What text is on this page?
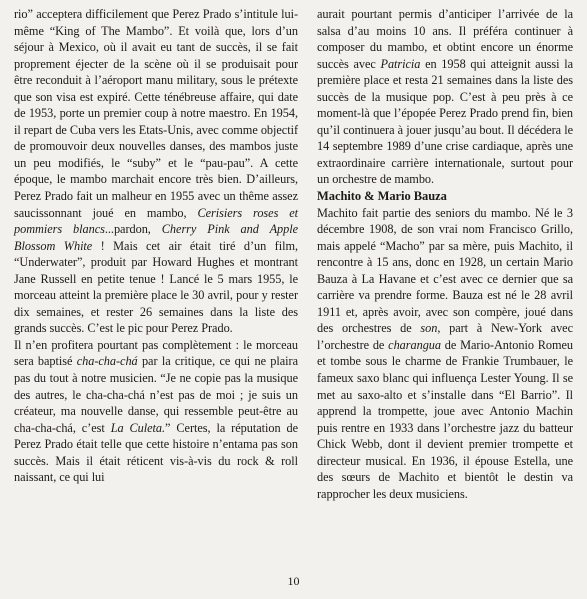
rio” acceptera difficilement que Perez Prado s’intitule lui-même “King of The Mambo”. Et voilà que, lors d’un séjour à Mexico, où il avait eu tant de succès, il se fait proprement éjecter de la scène où il se produisait pour être reconduit à l’aéroport manu military, sous le prétexte que son visa est expiré. Cette ténébreuse affaire, qui date de 1953, porte un premier coup à notre maestro. En 1954, il repart de Cuba vers les Etats-Unis, avec comme objectif de promouvoir deux nouvelles danses, des mambos juste un peu modifiés, le “suby” et le “pau-pau”. A cette époque, le mambo marchait encore très bien. D’ailleurs, Perez Prado fait un malheur en 1955 avec un thême assez saucissonnant joué en mambo, Cerisiers roses et pommiers blancs...pardon, Cherry Pink and Apple Blossom White ! Mais cet air était tiré d’un film, “Underwater”, produit par Howard Hughes et montrant Jane Russell en petite tenue ! Lancé le 5 mars 1955, le morceau atteint la première place le 30 avril, pour y rester dix semaines, et rester 26 semaines dans la liste des grands succès. C’est le pic pour Perez Prado.

Il n’en profitera pourtant pas complètement : le morceau sera baptisé cha-cha-chá par la critique, ce qui ne plaira pas du tout à notre musicien. “Je ne copie pas la musique des autres, le cha-cha-chá n’est pas de moi ; je suis un créateur, ma nouvelle danse, qui ressemble peut-être au cha-cha-chá, c’est La Culeta.” Certes, la réputation de Perez Prado était telle que cette histoire n’entama pas son succès. Mais il était réticent vis-à-vis du rock & roll naissant, ce qui lui

aurait pourtant permis d’anticiper l’arrivée de la salsa d’au moins 10 ans. Il préféra continuer à composer du mambo, et obtint encore un énorme succès avec Patricia en 1958 qui atteignit aussi la première place et resta 21 semaines dans la liste des succès de la musique pop. C’est à peu près à ce moment-là que l’épopée Perez Prado prend fin, bien qu’il continuera à jouer jusqu’au bout. Il décédera le 14 septembre 1989 d’une crise cardiaque, après une extraordinaire carrière internationale, surtout pour un orchestre de mambo.

Machito & Mario Bauza

Machito fait partie des seniors du mambo. Né le 3 décembre 1908, de son vrai nom Francisco Grillo, mais appelé “Macho” par sa mère, puis Machito, il rencontre à 15 ans, donc en 1928, un certain Mario Bauza à La Havane et c’est avec ce dernier que sa carrière va prendre forme. Bauza est né le 28 avril 1911 et, après avoir, avec son compère, joué dans des orchestres de son, part à New-York avec l’orchestre de charangua de Mario-Antonio Romeu et tombe sous le charme de Frankie Trumbauer, le fameux saxo blanc qui influença Lester Young. Il se met au saxo-alto et s’installe dans “El Barrio”. Il apprend la trompette, joue avec Antonio Machin puis rentre en 1933 dans l’orchestre jazz du batteur Chick Webb, dont il devient premier trompette et directeur musical. En 1936, il épouse Estella, une des sœurs de Machito et bientôt le destin va rapprocher les deux musiciens.

10
